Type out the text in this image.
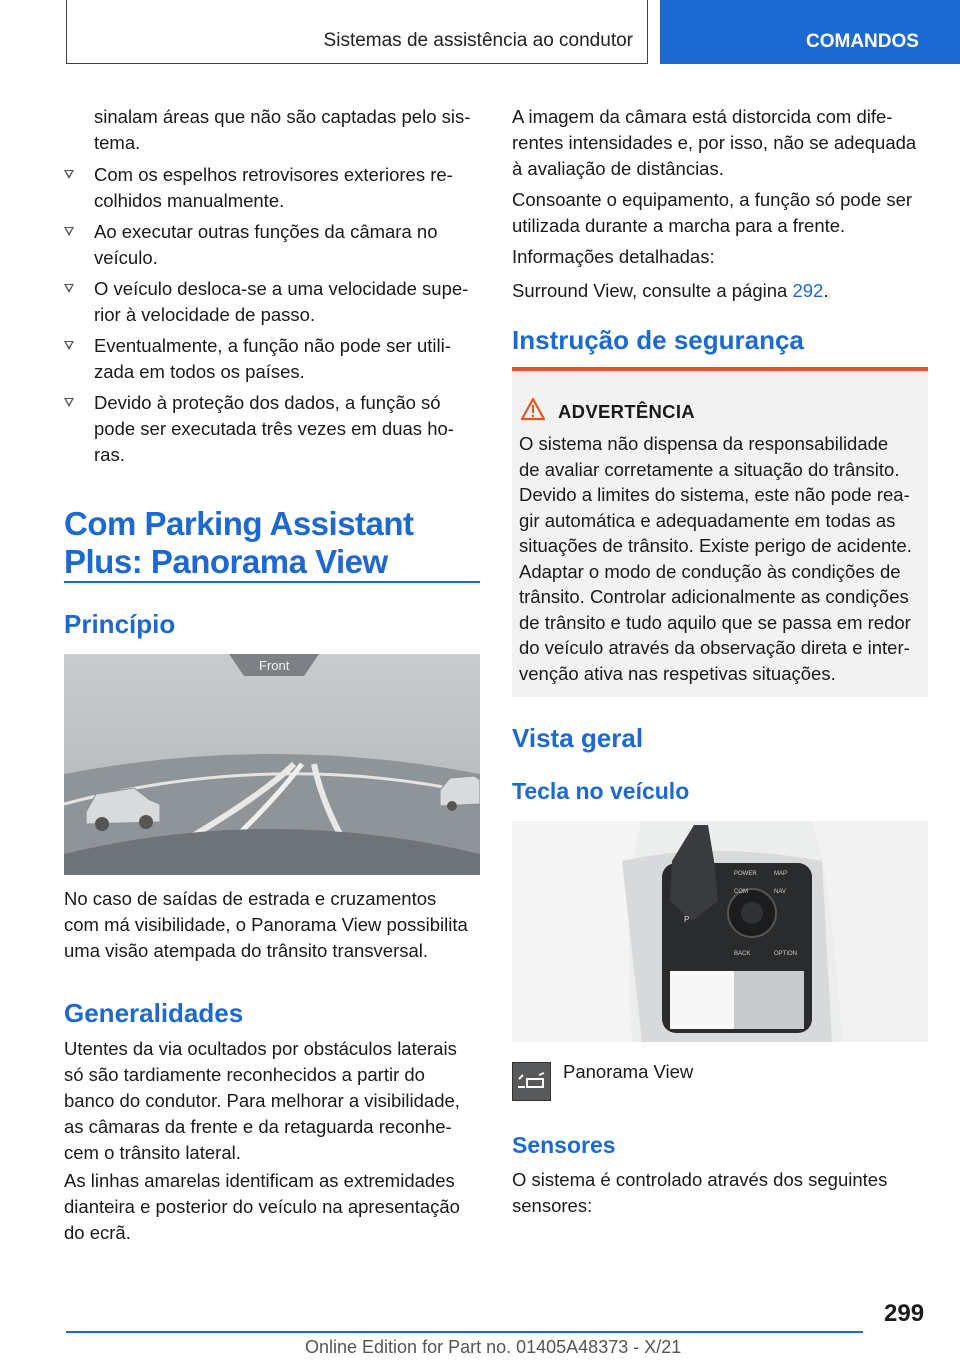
Sistemas de assistência ao condutor	COMANDOS

sinalam áreas que não são captadas pelo sis‐
tema.

Com os espelhos retrovisores exteriores re‐
colhidos manualmente.

Ao executar outras funções da câmara no
veículo.

O veículo desloca-se a uma velocidade supe‐
rior à velocidade de passo.

Eventualmente, a função não pode ser utili‐
zada em todos os países.

Devido à proteção dos dados, a função só
pode ser executada três vezes em duas ho‐
ras.

Com Parking Assistant
Plus: Panorama View
Princípio
Front

No caso de saídas de estrada e cruzamentos
com má visibilidade, o Panorama View possibilita
uma visão atempada do trânsito transversal.

Generalidades

Utentes da via ocultados por obstáculos laterais
só são tardiamente reconhecidos a partir do
banco do condutor. Para melhorar a visibilidade,
as câmaras da frente e da retaguarda reconhe‐
cem o trânsito lateral.

As linhas amarelas identificam as extremidades
dianteira e posterior do veículo na apresentação
do ecrã.

A imagem da câmara está distorcida com dife‐
rentes intensidades e, por isso, não se adequada
à avaliação de distâncias.

Consoante o equipamento, a função só pode ser
utilizada durante a marcha para a frente.

Informações detalhadas:

Surround View, consulte a página 292.

Instrução de segurança
ADVERTÊNCIA

O sistema não dispensa da responsabilidade
de avaliar corretamente a situação do trânsito.
Devido a limites do sistema, este não pode rea‐
gir automática e adequadamente em todas as
situações de trânsito. Existe perigo de acidente.
Adaptar o modo de condução às condições de
trânsito. Controlar adicionalmente as condições
de trânsito e tudo aquilo que se passa em redor
do veículo através da observação direta e inter‐
venção ativa nas respetivas situações.

Vista geral
Tecla no veículo
POWER	MAP
COM	NAV
BACK	OPTION
P

Panorama View

Sensores

O sistema é controlado através dos seguintes
sensores:

299
Online Edition for Part no. 01405A48373 - X/21
